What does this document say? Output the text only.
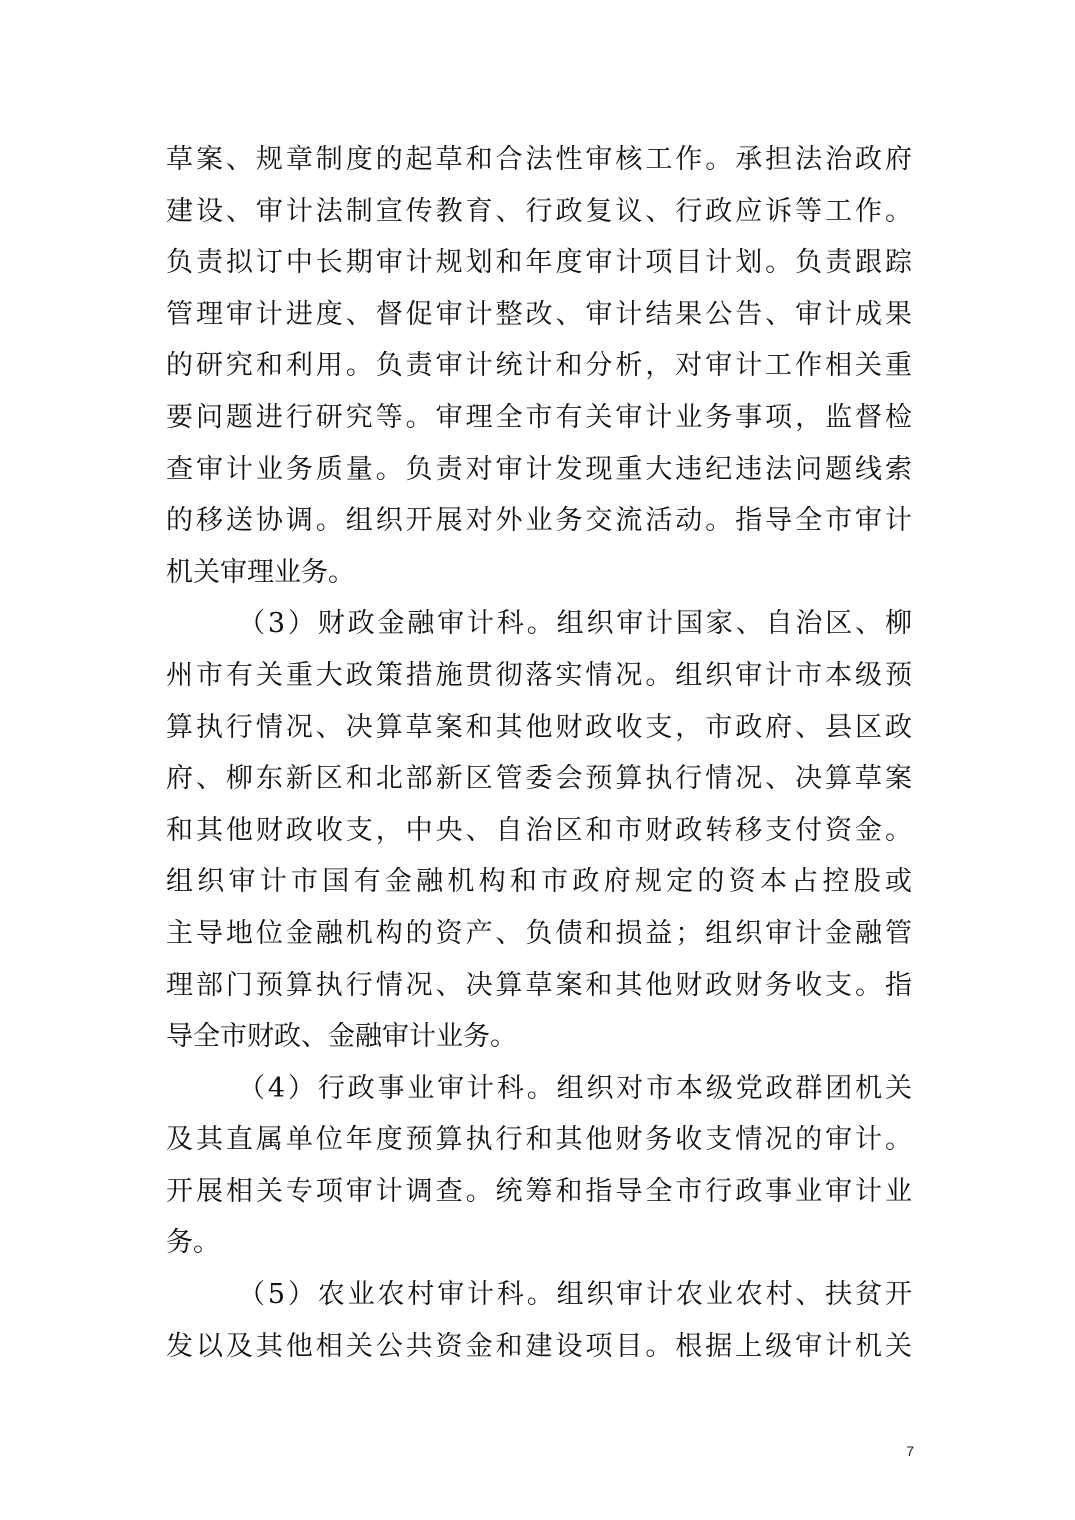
草案、规章制度的起草和合法性审核工作。承担法治政府
建设、审计法制宣传教育、行政复议、行政应诉等工作。
负责拟订中长期审计规划和年度审计项目计划。负责跟踪
管理审计进度、督促审计整改、审计结果公告、审计成果
的研究和利用。负责审计统计和分析，对审计工作相关重
要问题进行研究等。审理全市有关审计业务事项，监督检
查审计业务质量。负责对审计发现重大违纪违法问题线索
的移送协调。组织开展对外业务交流活动。指导全市审计
机关审理业务。
（3）财政金融审计科。组织审计国家、自治区、柳
州市有关重大政策措施贯彻落实情况。组织审计市本级预
算执行情况、决算草案和其他财政收支，市政府、县区政
府、柳东新区和北部新区管委会预算执行情况、决算草案
和其他财政收支，中央、自治区和市财政转移支付资金。
组织审计市国有金融机构和市政府规定的资本占控股或
主导地位金融机构的资产、负债和损益；组织审计金融管
理部门预算执行情况、决算草案和其他财政财务收支。指
导全市财政、金融审计业务。
（4）行政事业审计科。组织对市本级党政群团机关
及其直属单位年度预算执行和其他财务收支情况的审计。
开展相关专项审计调查。统筹和指导全市行政事业审计业
务。
（5）农业农村审计科。组织审计农业农村、扶贫开
发以及其他相关公共资金和建设项目。根据上级审计机关
7
